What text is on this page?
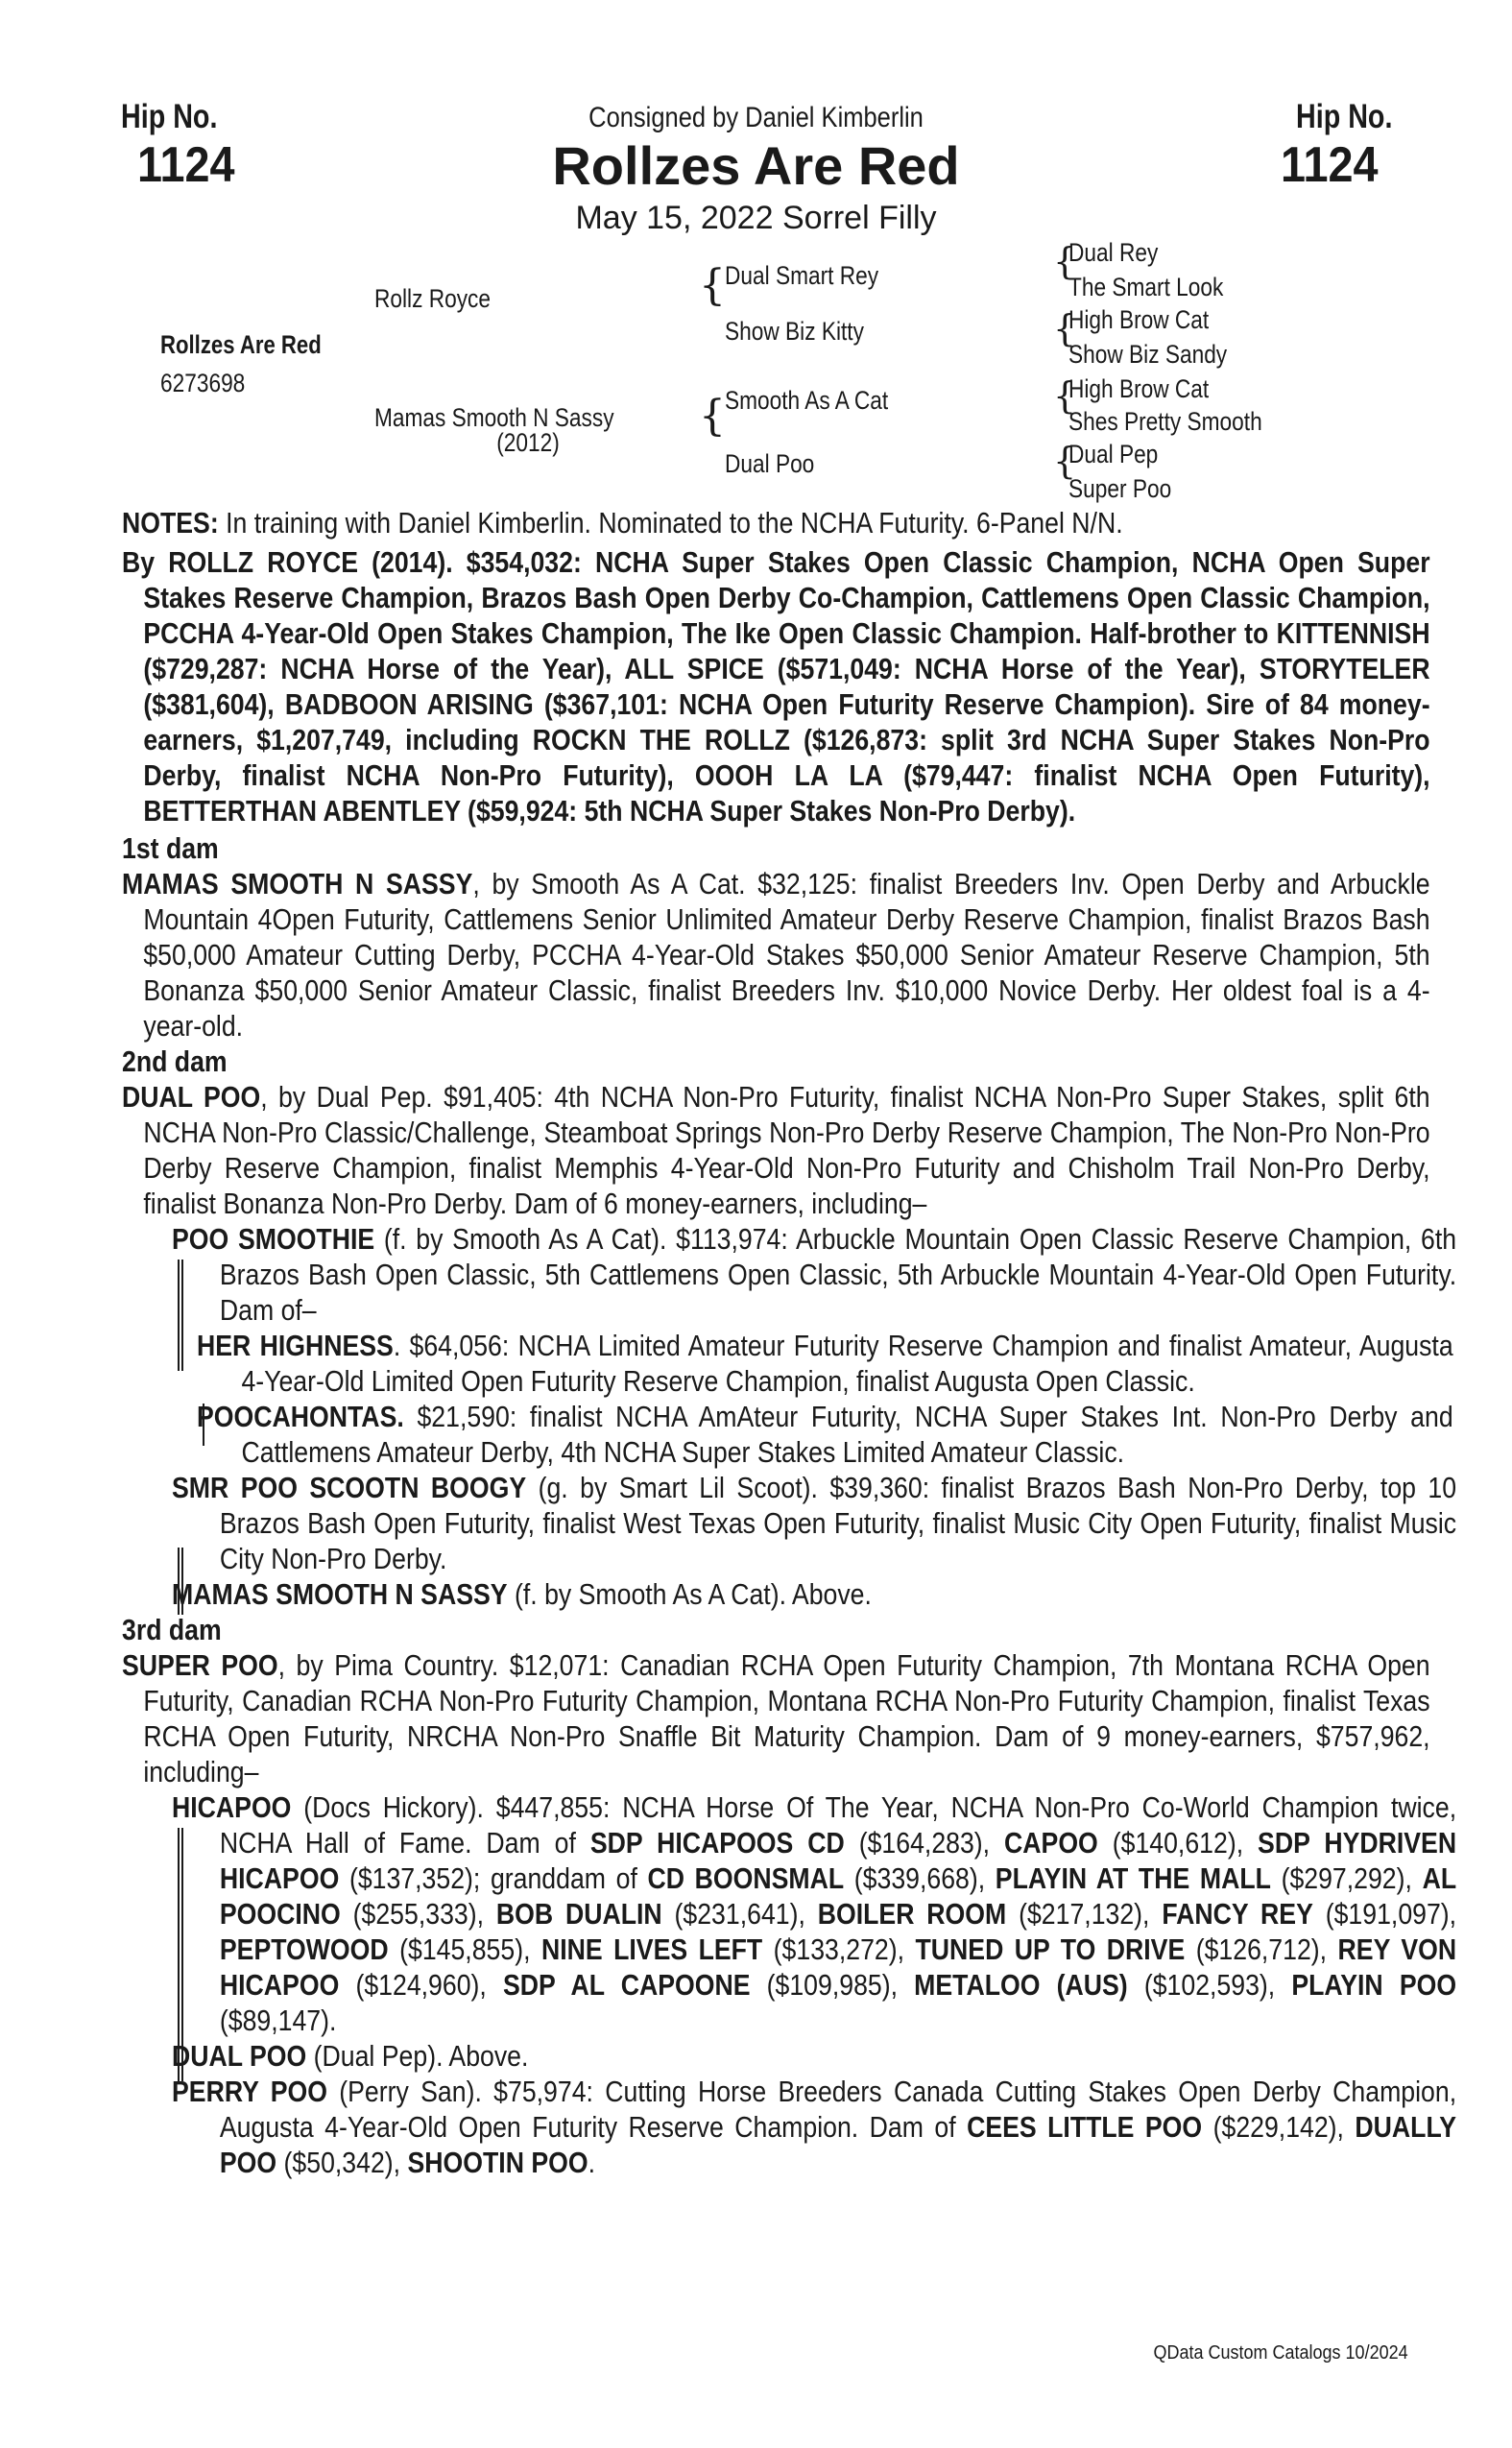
Hip No.
1124
Hip No.
1124
Consigned by Daniel Kimberlin
Rollzes Are Red
May 15, 2022 Sorrel Filly
Rollzes Are Red
6273698
Rollz Royce
Mamas Smooth N Sassy
(2012)
{ Dual Smart Rey
Show Biz Kitty
{ Smooth As A Cat
Dual Poo
{
Dual Rey
The Smart Look
{
High Brow Cat
Show Biz Sandy
{
High Brow Cat
Shes Pretty Smooth
{
Dual Pep
Super Poo

NOTES: In training with Daniel Kimberlin. Nominated to the NCHA Futurity. 6-Panel N/N.

By ROLLZ ROYCE (2014). $354,032: NCHA Super Stakes Open Classic Champion, NCHA Open Super Stakes Reserve Champion, Brazos Bash Open Derby Co-Champion, Cattlemens Open Classic Champion, PCCHA 4-Year-Old Open Stakes Champion, The Ike Open Classic Champion. Half-brother to KITTENNISH ($729,287: NCHA Horse of the Year), ALL SPICE ($571,049: NCHA Horse of the Year), STORYTELER ($381,604), BADBOON ARISING ($367,101: NCHA Open Futurity Reserve Champion). Sire of 84 money-earners, $1,207,749, including ROCKN THE ROLLZ ($126,873: split 3rd NCHA Super Stakes Non-Pro Derby, finalist NCHA Non-Pro Futurity), OOOH LA LA ($79,447: finalist NCHA Open Futurity), BETTERTHAN ABENTLEY ($59,924: 5th NCHA Super Stakes Non-Pro Derby).

1st dam

MAMAS SMOOTH N SASSY, by Smooth As A Cat. $32,125: finalist Breeders Inv. Open Derby and Arbuckle Mountain 4Open Futurity, Cattlemens Senior Unlimited Amateur Derby Reserve Champion, finalist Brazos Bash $50,000 Amateur Cutting Derby, PCCHA 4-Year-Old Stakes $50,000 Senior Amateur Reserve Champion, 5th Bonanza $50,000 Senior Amateur Classic, finalist Breeders Inv. $10,000 Novice Derby. Her oldest foal is a 4-year-old.

2nd dam

DUAL POO, by Dual Pep. $91,405: 4th NCHA Non-Pro Futurity, finalist NCHA Non-Pro Super Stakes, split 6th NCHA Non-Pro Classic/Challenge, Steamboat Springs Non-Pro Derby Reserve Champion, The Non-Pro Non-Pro Derby Reserve Champion, finalist Memphis 4-Year-Old Non-Pro Futurity and Chisholm Trail Non-Pro Derby, finalist Bonanza Non-Pro Derby. Dam of 6 money-earners, including–

POO SMOOTHIE (f. by Smooth As A Cat). $113,974: Arbuckle Mountain Open Classic Reserve Champion, 6th Brazos Bash Open Classic, 5th Cattlemens Open Classic, 5th Arbuckle Mountain 4-Year-Old Open Futurity. Dam of–

HER HIGHNESS. $64,056: NCHA Limited Amateur Futurity Reserve Champion and finalist Amateur, Augusta 4-Year-Old Limited Open Futurity Reserve Champion, finalist Augusta Open Classic.

POOCAHONTAS. $21,590: finalist NCHA AmAteur Futurity, NCHA Super Stakes Int. Non-Pro Derby and Cattlemens Amateur Derby, 4th NCHA Super Stakes Limited Amateur Classic.

SMR POO SCOOTN BOOGY (g. by Smart Lil Scoot). $39,360: finalist Brazos Bash Non-Pro Derby, top 10 Brazos Bash Open Futurity, finalist West Texas Open Futurity, finalist Music City Open Futurity, finalist Music City Non-Pro Derby.

MAMAS SMOOTH N SASSY (f. by Smooth As A Cat). Above.

3rd dam

SUPER POO, by Pima Country. $12,071: Canadian RCHA Open Futurity Champion, 7th Montana RCHA Open Futurity, Canadian RCHA Non-Pro Futurity Champion, Montana RCHA Non-Pro Futurity Champion, finalist Texas RCHA Open Futurity, NRCHA Non-Pro Snaffle Bit Maturity Champion. Dam of 9 money-earners, $757,962, including–

HICAPOO (Docs Hickory). $447,855: NCHA Horse Of The Year, NCHA Non-Pro Co-World Champion twice, NCHA Hall of Fame. Dam of SDP HICAPOOS CD ($164,283), CAPOO ($140,612), SDP HYDRIVEN HICAPOO ($137,352); granddam of CD BOONSMAL ($339,668), PLAYIN AT THE MALL ($297,292), AL POOCINO ($255,333), BOB DUALIN ($231,641), BOILER ROOM ($217,132), FANCY REY ($191,097), PEPTOWOOD ($145,855), NINE LIVES LEFT ($133,272), TUNED UP TO DRIVE ($126,712), REY VON HICAPOO ($124,960), SDP AL CAPOONE ($109,985), METALOO (AUS) ($102,593), PLAYIN POO ($89,147).

DUAL POO (Dual Pep). Above.

PERRY POO (Perry San). $75,974: Cutting Horse Breeders Canada Cutting Stakes Open Derby Champion, Augusta 4-Year-Old Open Futurity Reserve Champion. Dam of CEES LITTLE POO ($229,142), DUALLY POO ($50,342), SHOOTIN POO.

QData Custom Catalogs 10/2024
